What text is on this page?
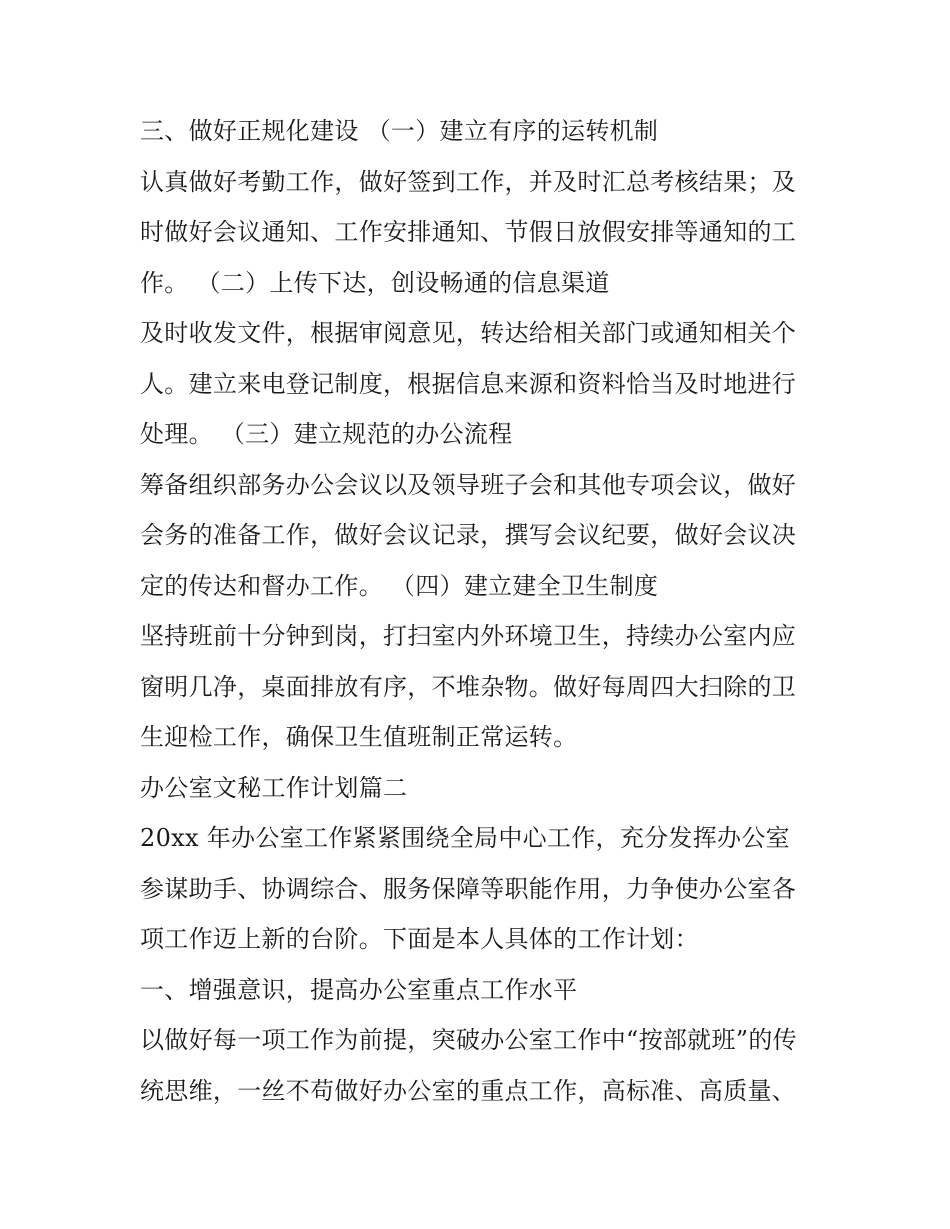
三、做好正规化建设 （一）建立有序的运转机制
认真做好考勤工作，做好签到工作，并及时汇总考核结果；及
时做好会议通知、工作安排通知、节假日放假安排等通知的工
作。 （二）上传下达，创设畅通的信息渠道
及时收发文件，根据审阅意见，转达给相关部门或通知相关个
人。建立来电登记制度，根据信息来源和资料恰当及时地进行
处理。 （三）建立规范的办公流程
筹备组织部务办公会议以及领导班子会和其他专项会议，做好
会务的准备工作，做好会议记录，撰写会议纪要，做好会议决
定的传达和督办工作。 （四）建立建全卫生制度
坚持班前十分钟到岗，打扫室内外环境卫生，持续办公室内应
窗明几净，桌面排放有序，不堆杂物。做好每周四大扫除的卫
生迎检工作，确保卫生值班制正常运转。
办公室文秘工作计划篇二
20xx 年办公室工作紧紧围绕全局中心工作，充分发挥办公室
参谋助手、协调综合、服务保障等职能作用，力争使办公室各
项工作迈上新的台阶。下面是本人具体的工作计划：
一、增强意识，提高办公室重点工作水平
以做好每一项工作为前提，突破办公室工作中“按部就班”的传
统思维，一丝不苟做好办公室的重点工作，高标准、高质量、
